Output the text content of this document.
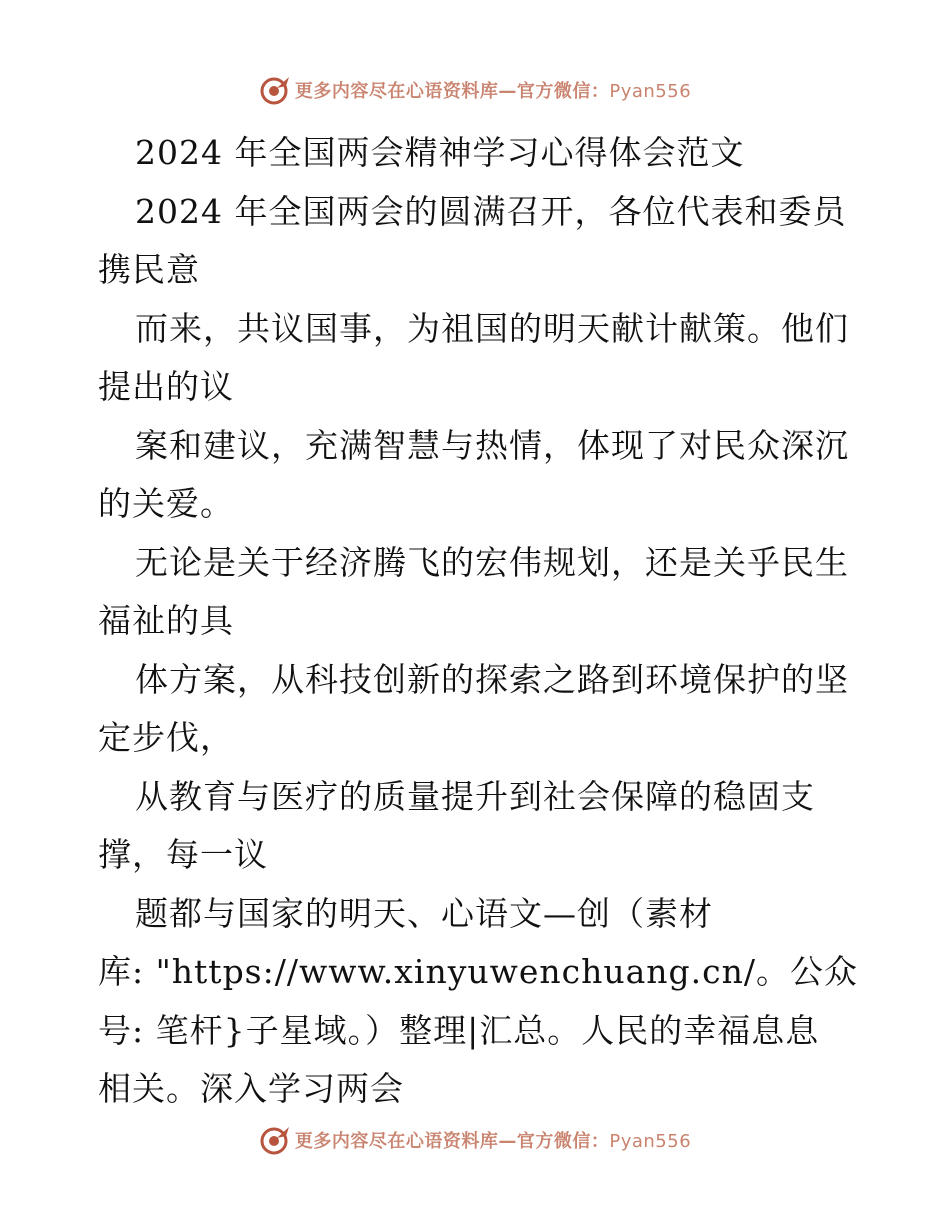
更多内容尽在心语资料库—官方微信：Pyan556
2024 年全国两会精神学习心得体会范文
2024 年全国两会的圆满召开，各位代表和委员
携民意
而来，共议国事，为祖国的明天献计献策。他们
提出的议
案和建议，充满智慧与热情，体现了对民众深沉
的关爱。
无论是关于经济腾飞的宏伟规划，还是关乎民生
福祉的具
体方案，从科技创新的探索之路到环境保护的坚
定步伐，
从教育与医疗的质量提升到社会保障的稳固支
撑，每一议
题都与国家的明天、心语文—创（素材
库: "https://www.xinyuwenchuang.cn/。公众
号: 笔杆}子星域。）整理|汇总。人民的幸福息息
相关。深入学习两会
更多内容尽在心语资料库—官方微信：Pyan556
